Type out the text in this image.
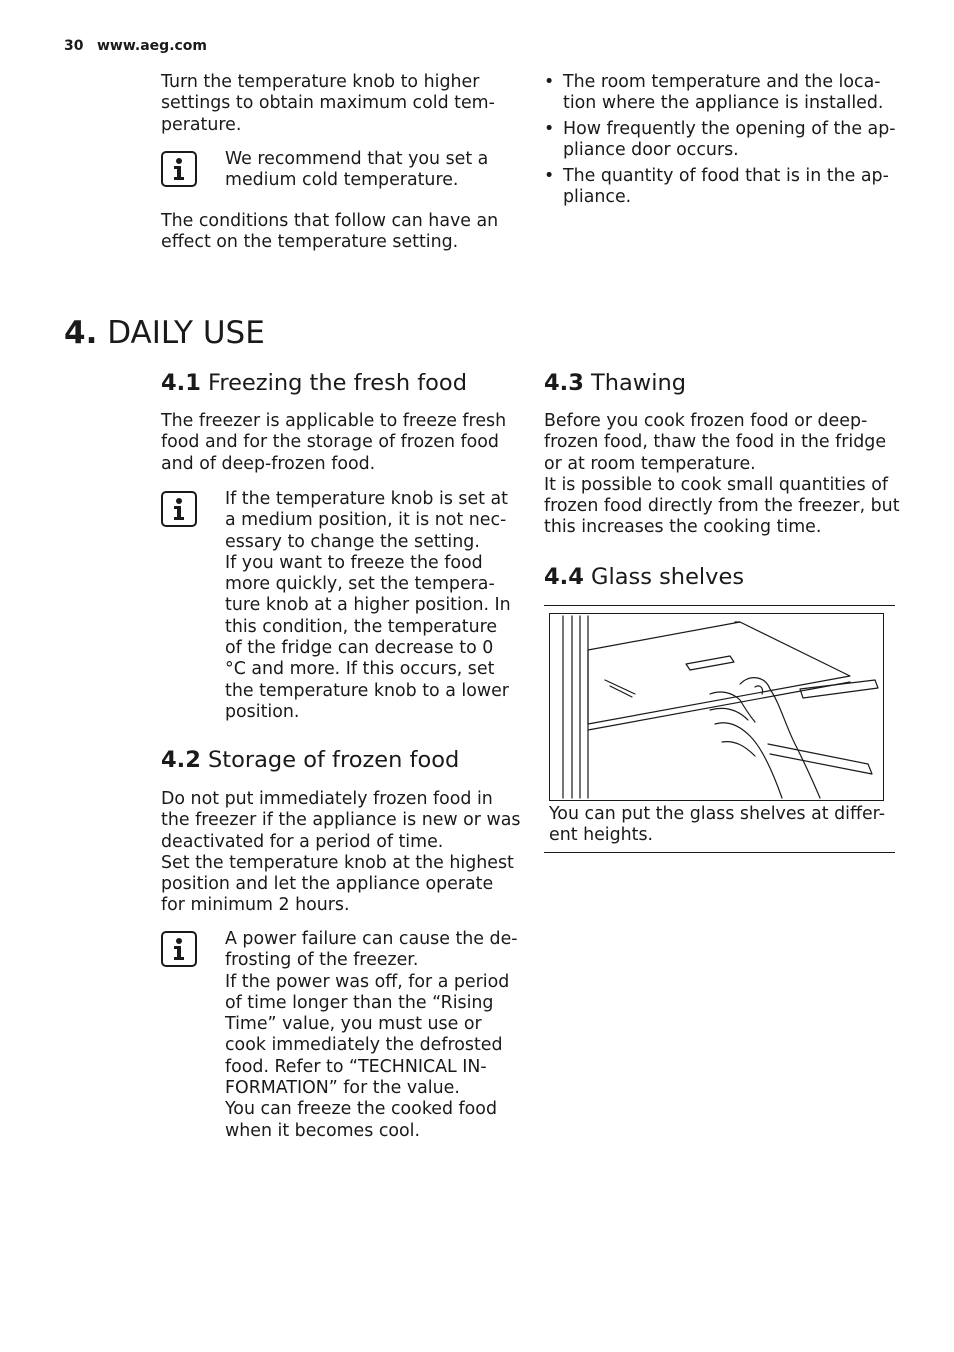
30 www.aeg.com
Turn the temperature knob to higher
settings to obtain maximum cold tem-
perature.
We recommend that you set a
medium cold temperature.
The conditions that follow can have an
effect on the temperature setting.
• The room temperature and the loca-
tion where the appliance is installed.
• How frequently the opening of the ap-
pliance door occurs.
• The quantity of food that is in the ap-
pliance.
4. DAILY USE
4.1 Freezing the fresh food
The freezer is applicable to freeze fresh
food and for the storage of frozen food
and of deep-frozen food.
If the temperature knob is set at
a medium position, it is not nec-
essary to change the setting.
If you want to freeze the food
more quickly, set the tempera-
ture knob at a higher position. In
this condition, the temperature
of the fridge can decrease to 0
°C and more. If this occurs, set
the temperature knob to a lower
position.
4.2 Storage of frozen food
Do not put immediately frozen food in
the freezer if the appliance is new or was
deactivated for a period of time.
Set the temperature knob at the highest
position and let the appliance operate
for minimum 2 hours.
A power failure can cause the de-
frosting of the freezer.
If the power was off, for a period
of time longer than the “Rising
Time” value, you must use or
cook immediately the defrosted
food. Refer to “TECHNICAL IN-
FORMATION” for the value.
You can freeze the cooked food
when it becomes cool.
4.3 Thawing
Before you cook frozen food or deep-
frozen food, thaw the food in the fridge
or at room temperature.
It is possible to cook small quantities of
frozen food directly from the freezer, but
this increases the cooking time.
4.4 Glass shelves
You can put the glass shelves at differ-
ent heights.
